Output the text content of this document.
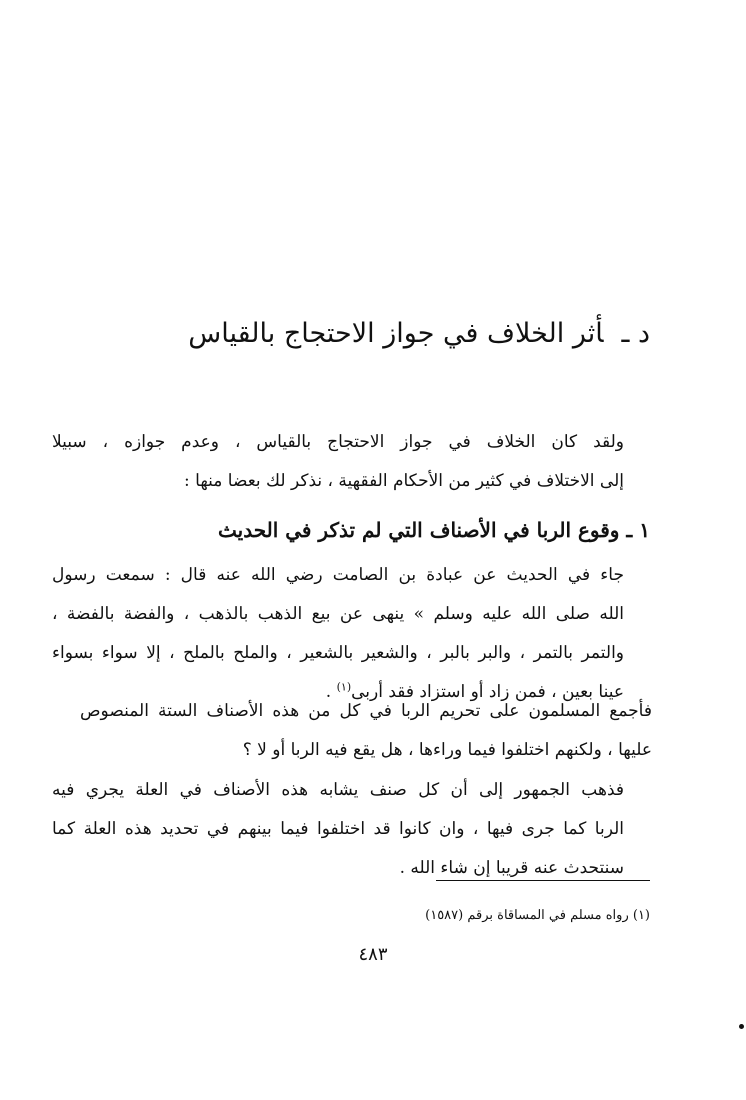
د ـأثر الخلاف في جواز الاحتجاج بالقياس
ولقد كان الخلاف في جواز الاحتجاج بالقياس ، وعدم جوازه ، سبيلا
إلى الاختلاف في كثير من الأحكام الفقهية ، نذكر لك بعضا منها :
١ ـ وقوع الربا في الأصناف التي لم تذكر في الحديث
جاء في الحديث عن عبادة بن الصامت رضي الله عنه قال : سمعت رسول
الله صلى الله عليه وسلم » ينهى عن بيع الذهب بالذهب ، والفضة بالفضة ،
والتمر بالتمر ، والبر بالبر ، والشعير بالشعير ، والملح بالملح ، إلا سواء بسواء
عينا بعين ، فمن زاد أو استزاد فقد أربى$^{(١)}$ .
فأجمع المسلمون على تحريم الربا في كل من هذه الأصناف الستة المنصوص
عليها ، ولكنهم اختلفوا فيما وراءها ، هل يقع فيه الربا أو لا ؟
فذهب الجمهور إلى أن كل صنف يشابه هذه الأصناف في العلة يجري فيه
الربا كما جرى فيها ، وان كانوا قد اختلفوا فيما بينهم في تحديد هذه العلة كما
سنتحدث عنه قريبا إن شاء الله .
(١) رواه مسلم في المساقاة برقم (١٥٨٧)
٤٨٣
